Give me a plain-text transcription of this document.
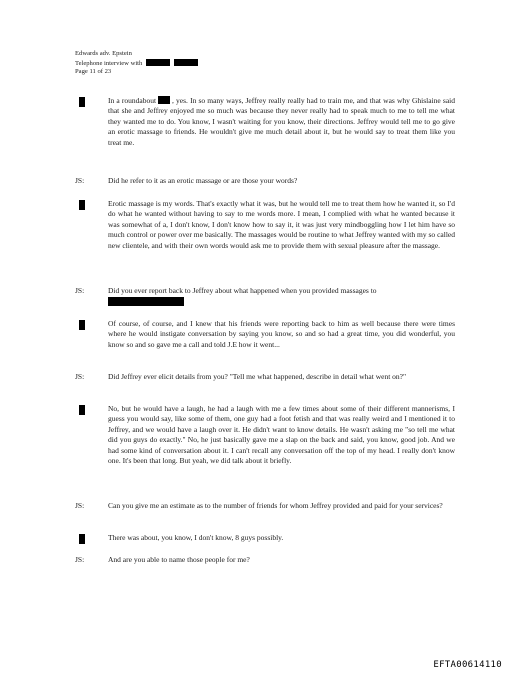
Edwards adv. Epstein
Telephone interview with
Page 11 of 23
In a roundabout , yes. In so many ways, Jeffrey really really had to train me, and that was why Ghislaine said that she and Jeffrey enjoyed me so much was because they never really had to speak much to me to tell me what they wanted me to do. You know, I wasn't waiting for you know, their directions. Jeffrey would tell me to go give an erotic massage to friends. He wouldn't give me much detail about it, but he would say to treat them like you treat me.
JS:	Did he refer to it as an erotic massage or are those your words?
Erotic massage is my words. That's exactly what it was, but he would tell me to treat them how he wanted it, so I'd do what he wanted without having to say to me words more. I mean, I complied with what he wanted because it was somewhat of a, I don't know, I don't know how to say it, it was just very mindboggling how I let him have so much control or power over me basically. The massages would be routine to what Jeffrey wanted with my so called new clientele, and with their own words would ask me to provide them with sexual pleasure after the massage.
JS:	Did you ever report back to Jeffrey about what happened when you provided massages to
Of course, of course, and I knew that his friends were reporting back to him as well because there were times where he would instigate conversation by saying you know, so and so had a great time, you did wonderful, you know so and so gave me a call and told J.E how it went...
JS:	Did Jeffrey ever elicit details from you? "Tell me what happened, describe in detail what went on?"
No, but he would have a laugh, he had a laugh with me a few times about some of their different mannerisms, I guess you would say, like some of them, one guy had a foot fetish and that was really weird and I mentioned it to Jeffrey, and we would have a laugh over it. He didn't want to know details. He wasn't asking me "so tell me what did you guys do exactly." No, he just basically gave me a slap on the back and said, you know, good job. And we had some kind of conversation about it. I can't recall any conversation off the top of my head. I really don't know one. It's been that long. But yeah, we did talk about it briefly.
JS:	Can you give me an estimate as to the number of friends for whom Jeffrey provided and paid for your services?
There was about, you know, I don't know, 8 guys possibly.
JS:	And are you able to name those people for me?
EFTA00614110
